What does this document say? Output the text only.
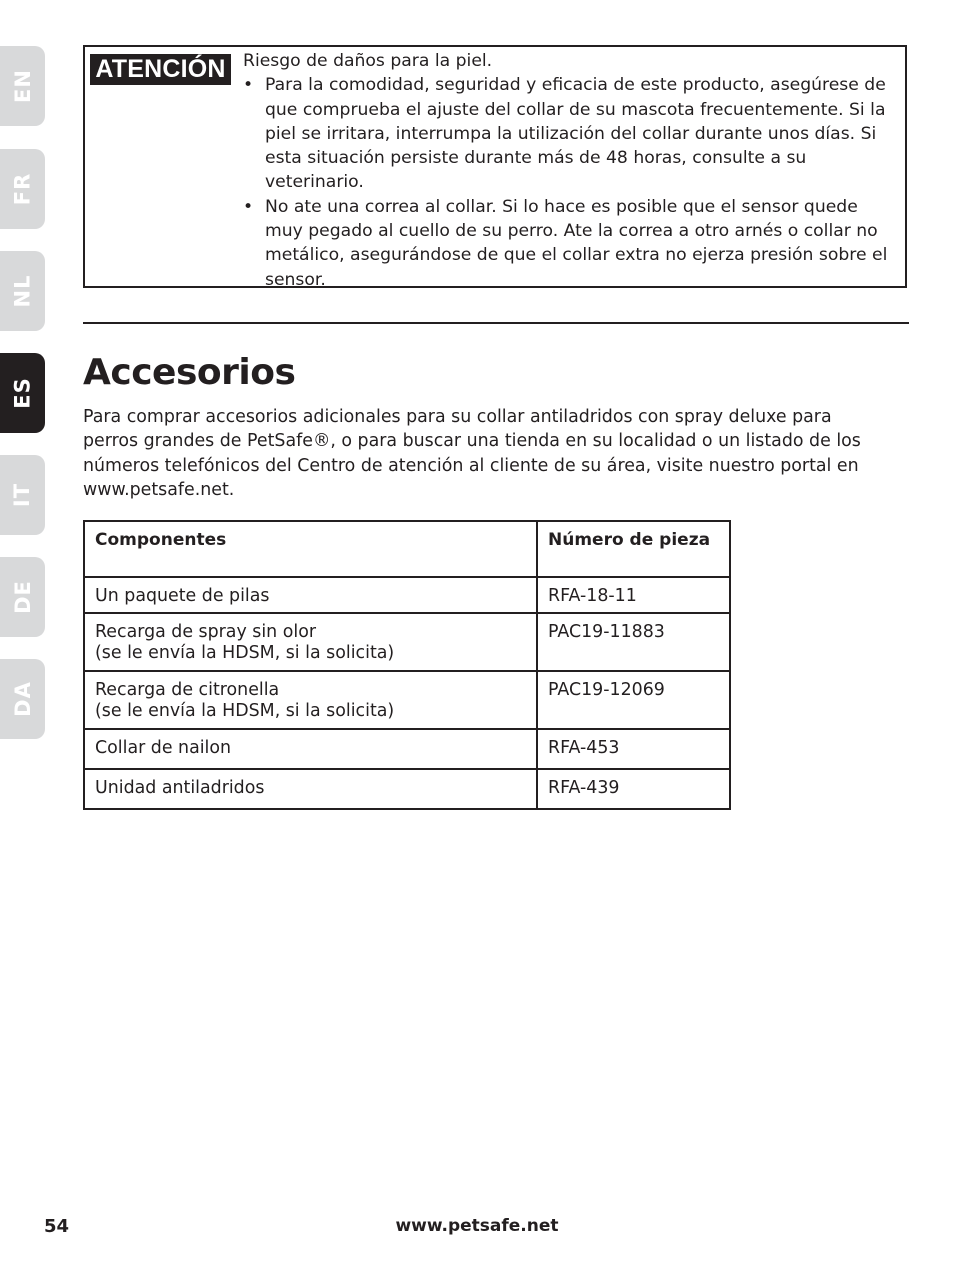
EN
FR
NL
ES
IT
DE
DA
ATENCIÓN	Riesgo de daños para la piel.

• Para la comodidad, seguridad y eficacia de este producto, asegúrese de que comprueba el ajuste del collar de su mascota frecuentemente. Si la piel se irritara, interrumpa la utilización del collar durante unos días. Si esta situación persiste durante más de 48 horas, consulte a su veterinario.
• No ate una correa al collar. Si lo hace es posible que el sensor quede muy pegado al cuello de su perro. Ate la correa a otro arnés o collar no metálico, asegurándose de que el collar extra no ejerza presión sobre el sensor.
Accesorios

Para comprar accesorios adicionales para su collar antiladridos con spray deluxe para perros grandes de PetSafe®, o para buscar una tienda en su localidad o un listado de los números telefónicos del Centro de atención al cliente de su área, visite nuestro portal en www.petsafe.net.

Componentes	Número de pieza

Un paquete de pilas	RFA-18-11

Recarga de spray sin olor
(se le envía la HDSM, si la solicita)	PAC19-11883

Recarga de citronella
(se le envía la HDSM, si la solicita)	PAC19-12069

Collar de nailon	RFA-453

Unidad antiladridos	RFA-439
54	www.petsafe.net
